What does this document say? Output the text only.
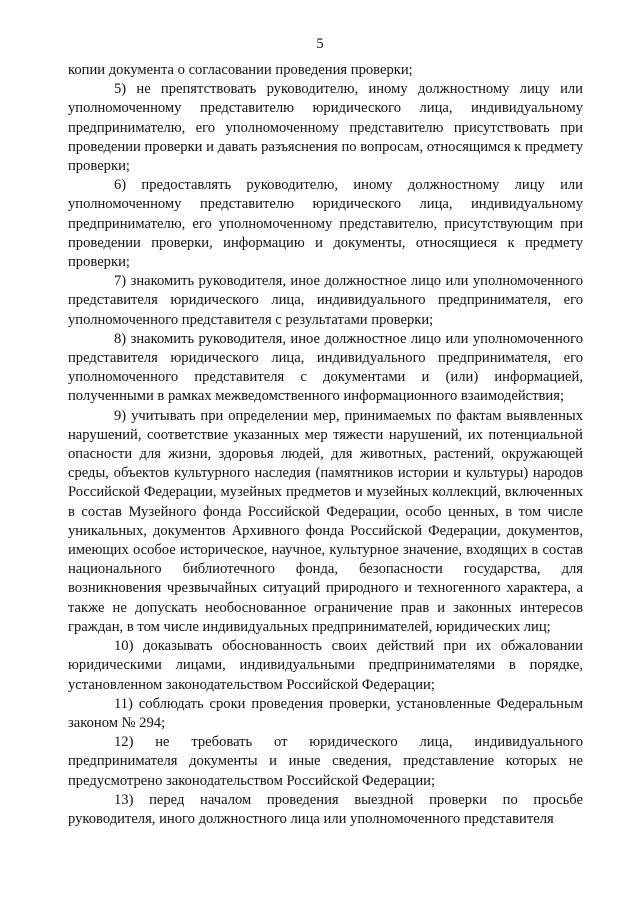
5

копии документа о согласовании проведения проверки;

5) не препятствовать руководителю, иному должностному лицу или уполномоченному представителю юридического лица, индивидуальному предпринимателю, его уполномоченному представителю присутствовать при проведении проверки и давать разъяснения по вопросам, относящимся к предмету проверки;

6) предоставлять руководителю, иному должностному лицу или уполномоченному представителю юридического лица, индивидуальному предпринимателю, его уполномоченному представителю, присутствующим при проведении проверки, информацию и документы, относящиеся к предмету проверки;

7) знакомить руководителя, иное должностное лицо или уполномоченного представителя юридического лица, индивидуального предпринимателя, его уполномоченного представителя с результатами проверки;

8) знакомить руководителя, иное должностное лицо или уполномоченного представителя юридического лица, индивидуального предпринимателя, его уполномоченного представителя с документами и (или) информацией, полученными в рамках межведомственного информационного взаимодействия;

9) учитывать при определении мер, принимаемых по фактам выявленных нарушений, соответствие указанных мер тяжести нарушений, их потенциальной опасности для жизни, здоровья людей, для животных, растений, окружающей среды, объектов культурного наследия (памятников истории и культуры) народов Российской Федерации, музейных предметов и музейных коллекций, включенных в состав Музейного фонда Российской Федерации, особо ценных, в том числе уникальных, документов Архивного фонда Российской Федерации, документов, имеющих особое историческое, научное, культурное значение, входящих в состав национального библиотечного фонда, безопасности государства, для возникновения чрезвычайных ситуаций природного и техногенного характера, а также не допускать необоснованное ограничение прав и законных интересов граждан, в том числе индивидуальных предпринимателей, юридических лиц;

10) доказывать обоснованность своих действий при их обжаловании юридическими лицами, индивидуальными предпринимателями в порядке, установленном законодательством Российской Федерации;

11) соблюдать сроки проведения проверки, установленные Федеральным законом № 294;

12) не требовать от юридического лица, индивидуального предпринимателя документы и иные сведения, представление которых не предусмотрено законодательством Российской Федерации;

13) перед началом проведения выездной проверки по просьбе руководителя, иного должностного лица или уполномоченного представителя
